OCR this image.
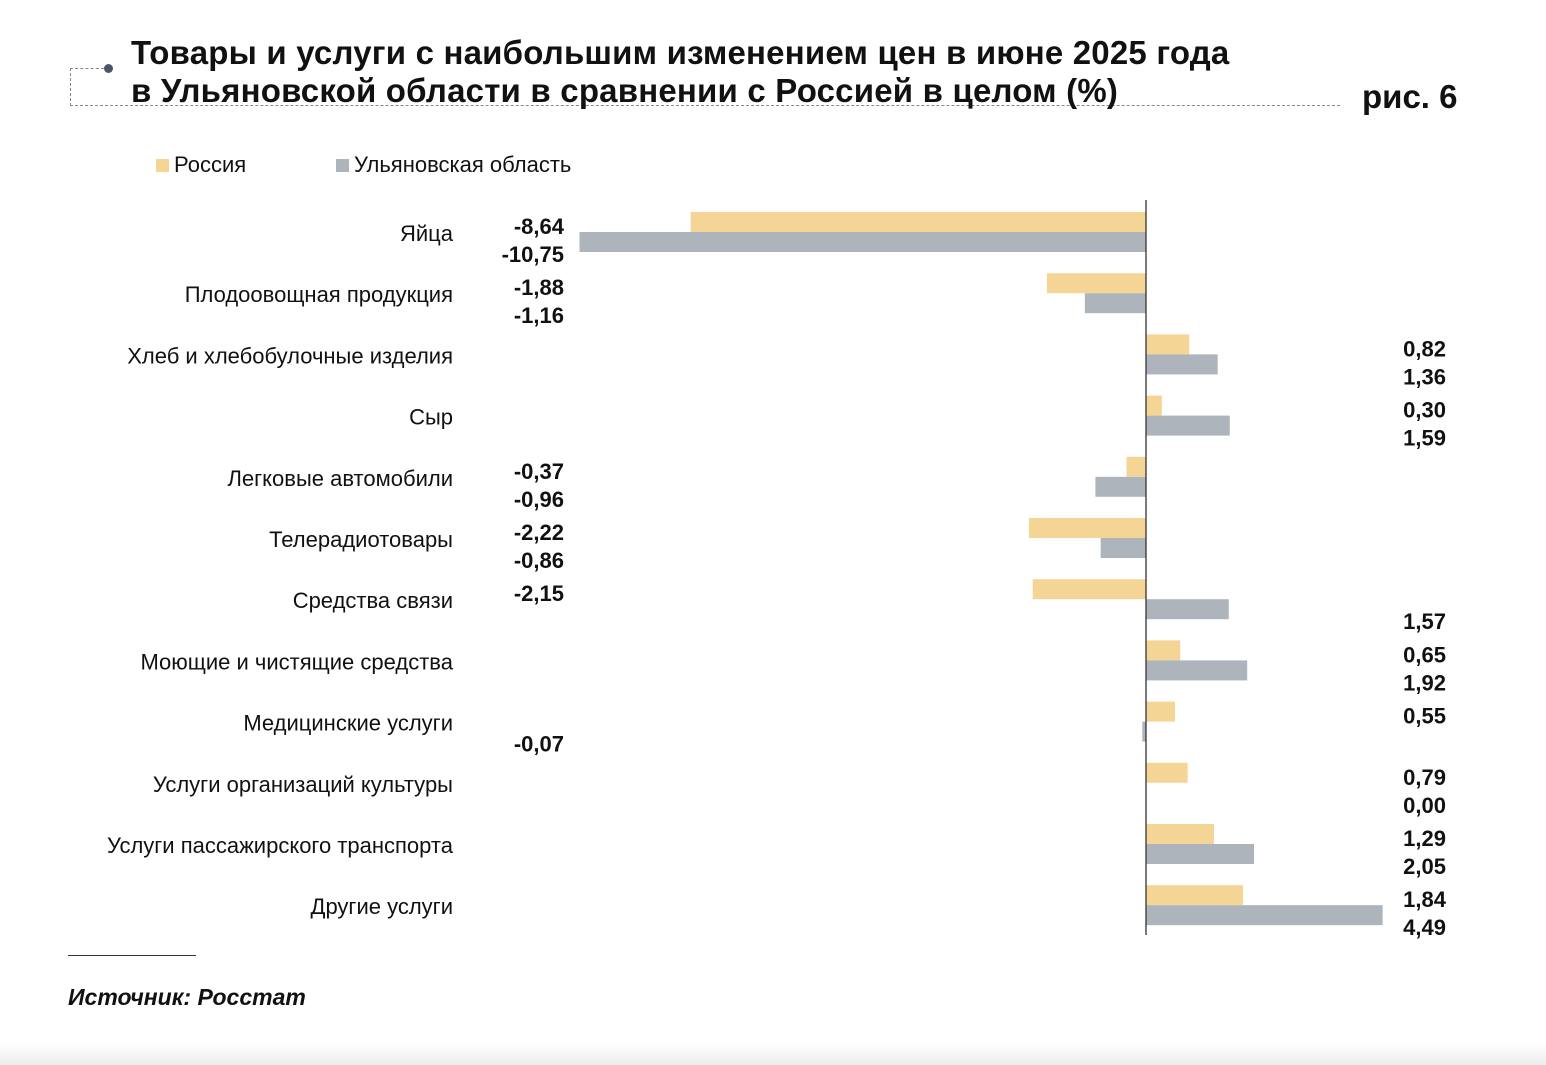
Товары и услуги с наибольшим изменением цен в июне 2025 года
в Ульяновской области в сравнении с Россией в целом (%)	рис. 6
Россия	Ульяновская область
Яйца	-8,64
-10,75
Плодоовощная продукция	-1,88
-1,16
Хлеб и хлебобулочные изделия	0,82
1,36
Сыр	0,30
1,59
Легковые автомобили	-0,37
-0,96
Телерадиотовары	-2,22
-0,86
Средства связи	-2,15
1,57
Моющие и чистящие средства	0,65
1,92
Медицинские услуги	0,55
-0,07
Услуги организаций культуры	0,79
0,00
Услуги пассажирского транспорта	1,29
2,05
Другие услуги	1,84
4,49
Источник: Росстат
